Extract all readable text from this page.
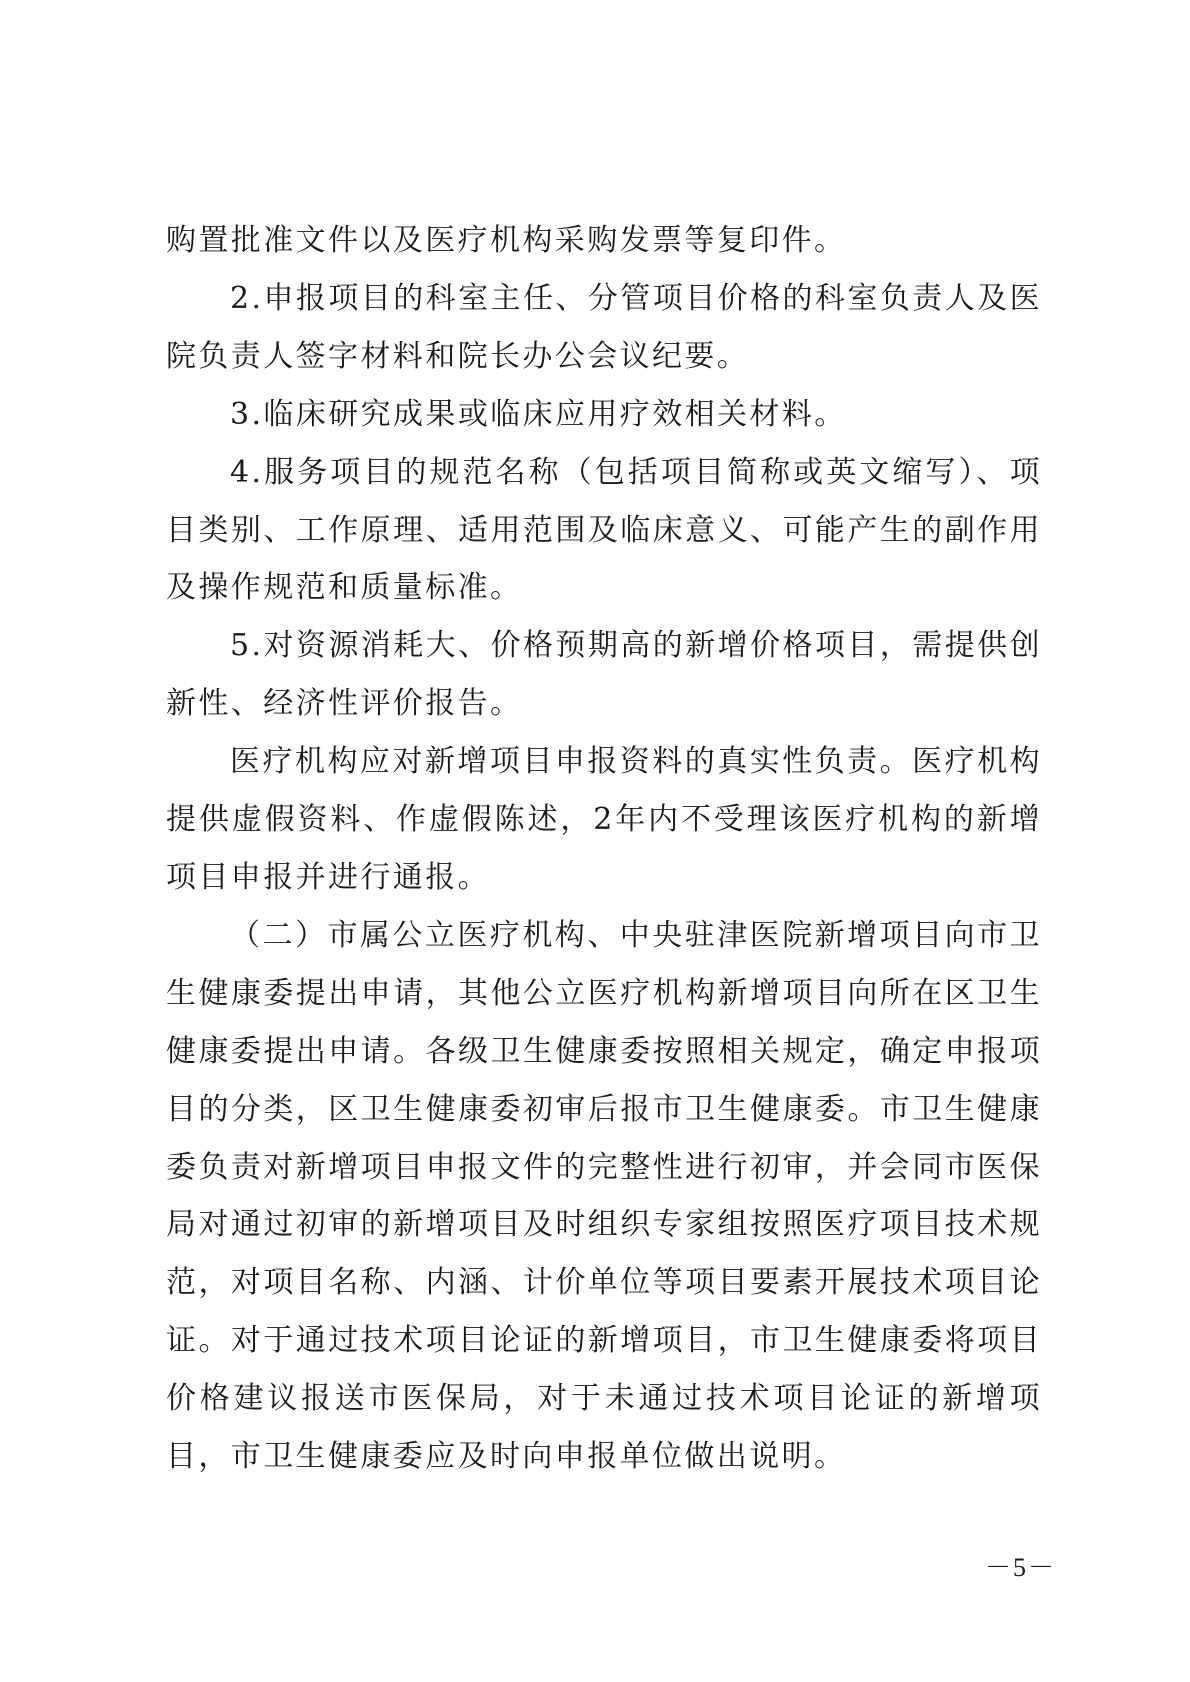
购置批准文件以及医疗机构采购发票等复印件。

2.申报项目的科室主任、分管项目价格的科室负责人及医院负责人签字材料和院长办公会议纪要。

3.临床研究成果或临床应用疗效相关材料。

4.服务项目的规范名称（包括项目简称或英文缩写）、项目类别、工作原理、适用范围及临床意义、可能产生的副作用及操作规范和质量标准。

5.对资源消耗大、价格预期高的新增价格项目，需提供创新性、经济性评价报告。

医疗机构应对新增项目申报资料的真实性负责。医疗机构提供虚假资料、作虚假陈述，2年内不受理该医疗机构的新增项目申报并进行通报。

（二）市属公立医疗机构、中央驻津医院新增项目向市卫生健康委提出申请，其他公立医疗机构新增项目向所在区卫生健康委提出申请。各级卫生健康委按照相关规定，确定申报项目的分类，区卫生健康委初审后报市卫生健康委。市卫生健康委负责对新增项目申报文件的完整性进行初审，并会同市医保局对通过初审的新增项目及时组织专家组按照医疗项目技术规范，对项目名称、内涵、计价单位等项目要素开展技术项目论证。对于通过技术项目论证的新增项目，市卫生健康委将项目价格建议报送市医保局，对于未通过技术项目论证的新增项目，市卫生健康委应及时向申报单位做出说明。

－5－
